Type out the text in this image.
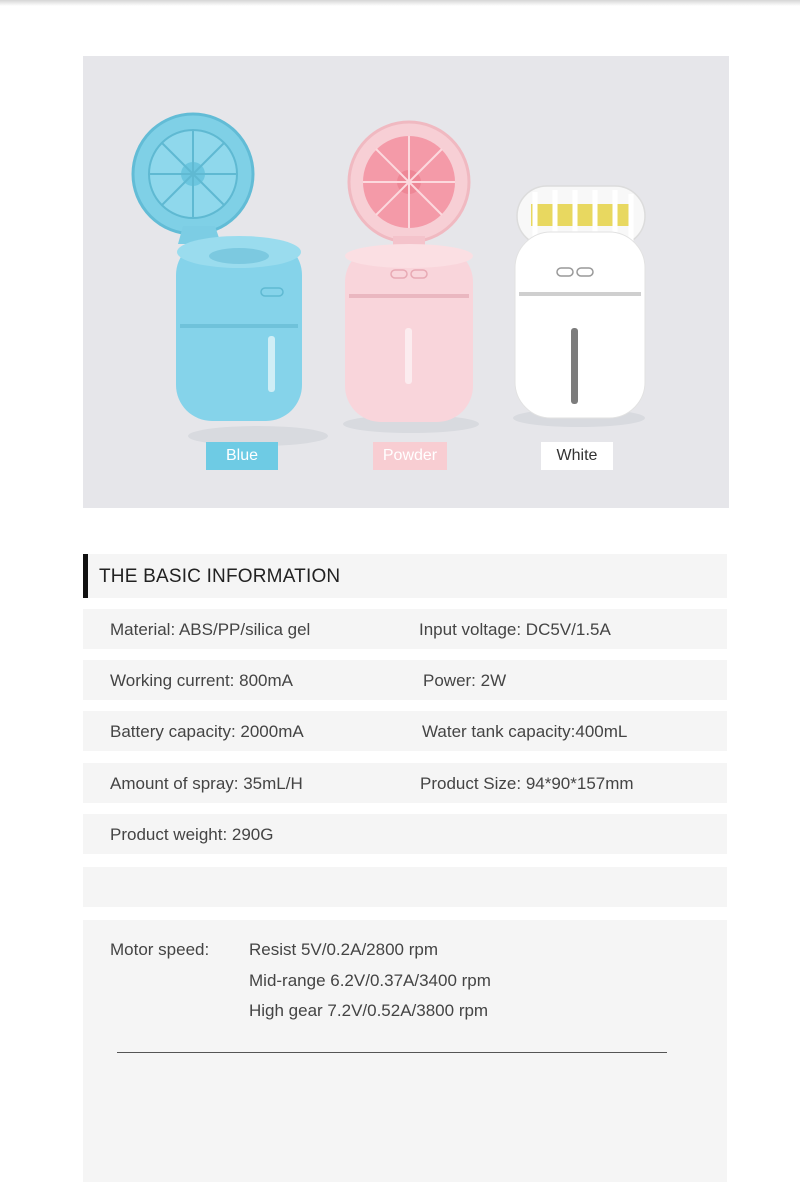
Blue	Powder	White
THE BASIC INFORMATION
Material: ABS/PP/silica gel	Input voltage: DC5V/1.5A
Working current: 800mA	Power: 2W
Battery capacity: 2000mA	Water tank capacity:400mL
Amount of spray: 35mL/H	Product Size: 94*90*157mm
Product weight: 290G
Motor speed: Resist 5V/0.2A/2800 rpm
Mid-range 6.2V/0.37A/3400 rpm
High gear 7.2V/0.52A/3800 rpm
